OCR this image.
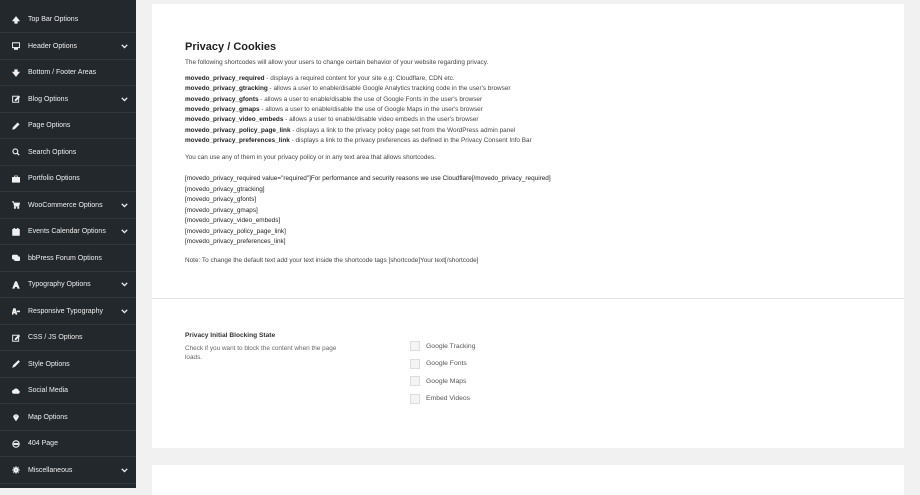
Top Bar Options
Header Options
Bottom / Footer Areas
Blog Options
Page Options
Search Options
Portfolio Options
WooCommerce Options
Events Calendar Options
bbPress Forum Options
Typography Options
Responsive Typography
CSS / JS Options
Style Options
Social Media
Map Options
404 Page
Miscellaneous
Privacy / Cookies
The following shortcodes will allow your users to change certain behavior of your website regarding privacy.
movedo_privacy_required - displays a required content for your site e.g: Cloudflare, CDN etc.
movedo_privacy_gtracking - allows a user to enable/disable Google Analytics tracking code in the user's browser
movedo_privacy_gfonts - allows a user to enable/disable the use of Google Fonts in the user's browser
movedo_privacy_gmaps - allows a user to enable/disable the use of Google Maps in the user's browser
movedo_privacy_video_embeds - allows a user to enable/disable video embeds in the user's browser
movedo_privacy_policy_page_link - displays a link to the privacy policy page set from the WordPress admin panel
movedo_privacy_preferences_link - displays a link to the privacy preferences as defined in the Privacy Consent Info Bar
You can use any of them in your privacy policy or in any text area that allows shortcodes.
[movedo_privacy_required value="required"]For performance and security reasons we use Cloudflare[/movedo_privacy_required]
[movedo_privacy_gtracking]
[movedo_privacy_gfonts]
[movedo_privacy_gmaps]
[movedo_privacy_video_embeds]
[movedo_privacy_policy_page_link]
[movedo_privacy_preferences_link]
Note: To change the default text add your text inside the shortcode tags [shortcode]Your text[/shortcode]
Privacy Initial Blocking State
Check if you want to block the content when the page loads.
Google Tracking
Google Fonts
Google Maps
Embed Videos
